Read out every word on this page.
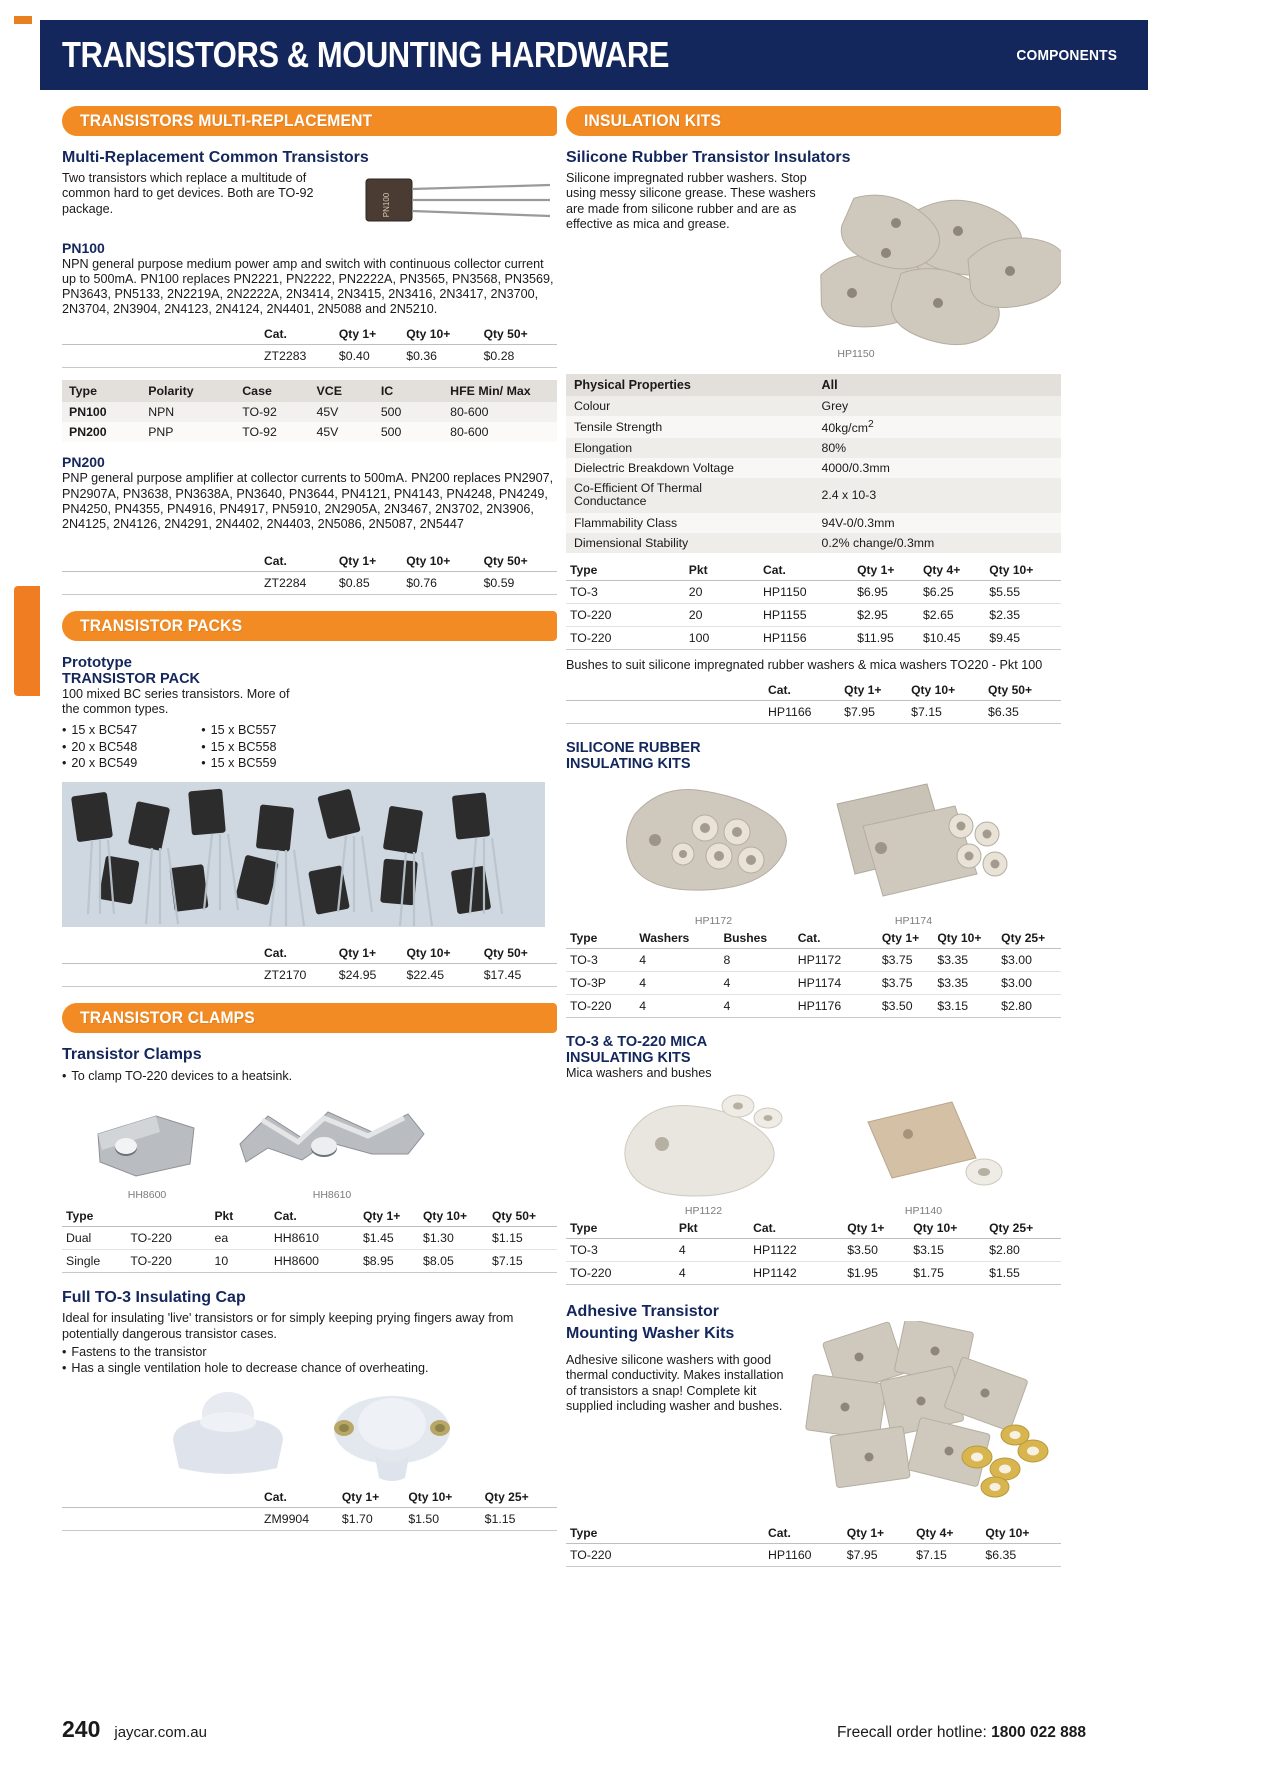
TRANSISTORS & MOUNTING HARDWARE	COMPONENTS
TRANSISTORS MULTI-REPLACEMENT
Multi-Replacement Common Transistors

Two transistors which replace a multitude of common hard to get devices. Both are TO-92 package.	PN100
PN100

NPN general purpose medium power amp and switch with continuous collector current up to 500mA. PN100 replaces PN2221, PN2222, PN2222A, PN3565, PN3568, PN3569, PN3643, PN5133, 2N2219A, 2N2222A, 2N3414, 2N3415, 2N3416, 2N3417, 2N3700, 2N3704, 2N3904, 2N4123, 2N4124, 2N4401, 2N5088 and 2N5210.

	Cat.	Qty 1+	Qty 10+	Qty 50+
	ZT2283	$0.40	$0.36	$0.28
Type	Polarity	Case	VCE	IC	HFE Min/ Max
PN100	NPN	TO-92	45V	500	80-600
PN200	PNP	TO-92	45V	500	80-600
PN200

PNP general purpose amplifier at collector currents to 500mA. PN200 replaces PN2907, PN2907A, PN3638, PN3638A, PN3640, PN3644, PN4121, PN4143, PN4248, PN4249, PN4250, PN4355, PN4916, PN4917, PN5910, 2N2905A, 2N3467, 2N3702, 2N3906, 2N4125, 2N4126, 2N4291, 2N4402, 2N4403, 2N5086, 2N5087, 2N5447

	Cat.	Qty 1+	Qty 10+	Qty 50+
	ZT2284	$0.85	$0.76	$0.59
TRANSISTOR PACKS
Prototype
TRANSISTOR PACK

100 mixed BC series transistors. More of the common types.

• 15 x BC547
• 20 x BC548
• 20 x BC549
• 15 x BC557
• 15 x BC558
• 15 x BC559
	Cat.	Qty 1+	Qty 10+	Qty 50+
	ZT2170	$24.95	$22.45	$17.45
TRANSISTOR CLAMPS
Transistor Clamps
• To clamp TO-220 devices to a heatsink.
HH8600	HH8610
Type		Pkt	Cat.	Qty 1+	Qty 10+	Qty 50+
Dual	TO-220	ea	HH8610	$1.45	$1.30	$1.15
Single	TO-220	10	HH8600	$8.95	$8.05	$7.15
Full TO-3 Insulating Cap

Ideal for insulating 'live' transistors or for simply keeping prying fingers away from potentially dangerous transistor cases.

• Fastens to the transistor
• Has a single ventilation hole to decrease chance of overheating.
	Cat.	Qty 1+	Qty 10+	Qty 25+
	ZM9904	$1.70	$1.50	$1.15
INSULATION KITS
Silicone Rubber Transistor Insulators

Silicone impregnated rubber washers. Stop using messy silicone grease. These washers are made from silicone rubber and are as effective as mica and grease.

HP1150
Physical Properties	All
Colour	Grey
Tensile Strength	$40kg/cm^2$
Elongation	80%
Dielectric Breakdown Voltage	4000/0.3mm
Co-Efficient Of Thermal
Conductance	2.4 x 10-3
Flammability Class	94V-0/0.3mm
Dimensional Stability	0.2% change/0.3mm
Type	Pkt	Cat.	Qty 1+	Qty 4+	Qty 10+
TO-3	20	HP1150	$6.95	$6.25	$5.55
TO-220	20	HP1155	$2.95	$2.65	$2.35
TO-220	100	HP1156	$11.95	$10.45	$9.45

Bushes to suit silicone impregnated rubber washers & mica washers TO220 - Pkt 100

	Cat.	Qty 1+	Qty 10+	Qty 50+
	HP1166	$7.95	$7.15	$6.35
SILICONE RUBBER
INSULATING KITS
HP1172	HP1174
Type	Washers	Bushes	Cat.	Qty 1+	Qty 10+	Qty 25+
TO-3	4	8	HP1172	$3.75	$3.35	$3.00
TO-3P	4	4	HP1174	$3.75	$3.35	$3.00
TO-220	4	4	HP1176	$3.50	$3.15	$2.80
TO-3 & TO-220 MICA
INSULATING KITS

Mica washers and bushes

HP1122	HP1140
Type	Pkt	Cat.	Qty 1+	Qty 10+	Qty 25+
TO-3	4	HP1122	$3.50	$3.15	$2.80
TO-220	4	HP1142	$1.95	$1.75	$1.55
Adhesive Transistor
Mounting Washer Kits

Adhesive silicone washers with good thermal conductivity. Makes installation of transistors a snap! Complete kit supplied including washer and bushes.

Type	Cat.	Qty 1+	Qty 4+	Qty 10+
TO-220	HP1160	$7.95	$7.15	$6.35
240 jaycar.com.au	Freecall order hotline: 1800 022 888
